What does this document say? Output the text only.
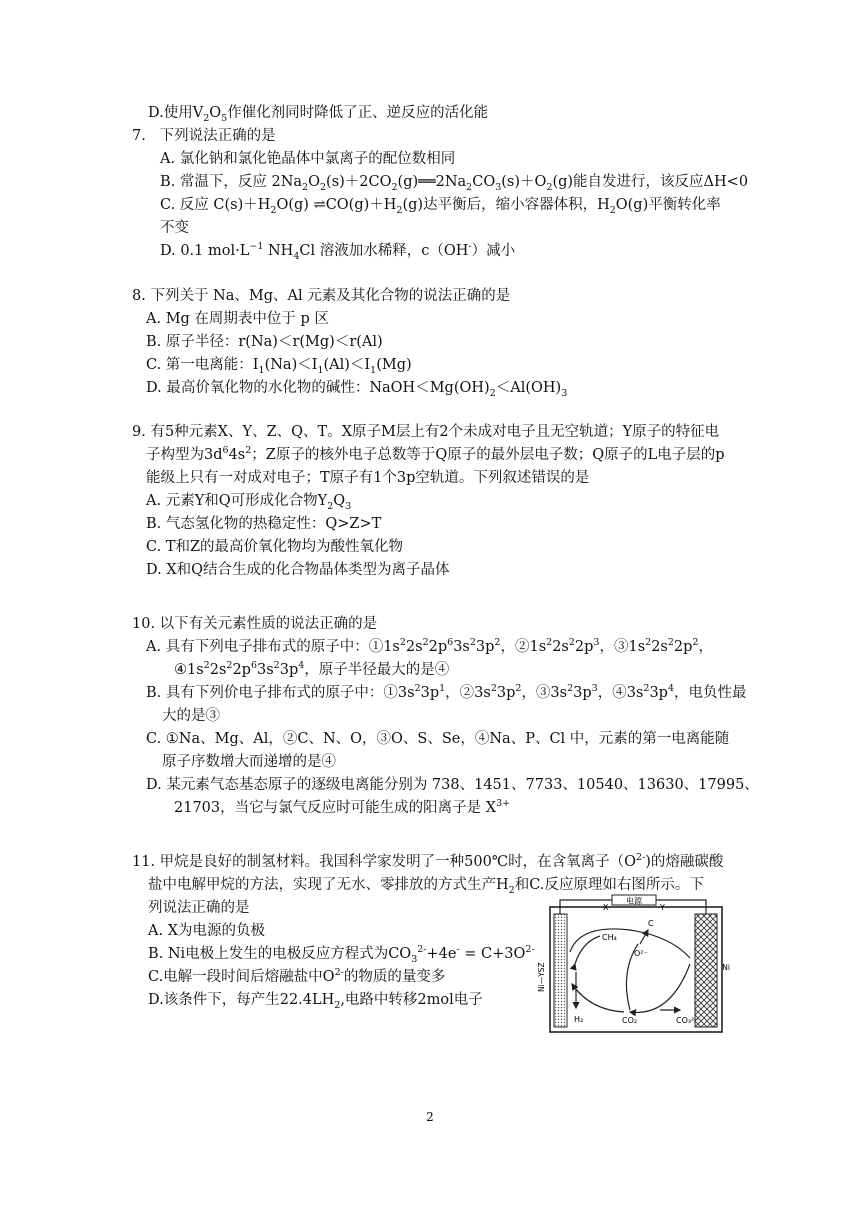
D.使用$V_2O_5$作催化剂同时降低了正、逆反应的活化能
7. 下列说法正确的是
A. 氯化钠和氯化铯晶体中氯离子的配位数相同
B. 常温下，反应 $2Na_2O_2(s)+2CO_2(g)══2Na_2CO_3(s)+O_2(g)$能自发进行，该反应ΔH<0
C. 反应 $C(s)+H_2O(g)$ $\rightleftharpoons CO(g)+H_2(g)$达平衡后，缩小容器体积，$H_2O(g)$平衡转化率
不变
D. 0.1 $mol\cdot L^{-1}$ $NH_4Cl$ 溶液加水稀释，c（OH-）减小
8. 下列关于 Na、Mg、Al 元素及其化合物的说法正确的是
A. Mg 在周期表中位于 p 区
B. 原子半径：r(Na)＜r(Mg)＜r(Al)
C. 第一电离能：$I_1(Na)<I_1(Al)<I_1(Mg)$
D. 最高价氧化物的水化物的碱性：$NaOH<Mg(OH)_2<Al(OH)_3$
9. 有5种元素X、Y、Z、Q、T。X原子M层上有2个未成对电子且无空轨道；Y原子的特征电
子构型为$3d^64s^2$；Z原子的核外电子总数等于Q原子的最外层电子数；Q原子的L电子层的p
能级上只有一对成对电子；T原子有1个3p空轨道。下列叙述错误的是
A. 元素Y和Q可形成化合物$Y_2Q_3$
B. 气态氢化物的热稳定性：Q>Z>T
C. T和Z的最高价氧化物均为酸性氧化物
D. X和Q结合生成的化合物晶体类型为离子晶体
10. 以下有关元素性质的说法正确的是
A. 具有下列电子排布式的原子中：$①1s^22s^22p^63s^23p^2$，$②1s^22s^22p^3$，$③1s^22s^22p^2$，
$④1s^22s^22p^63s^23p^4$，原子半径最大的是④
B. 具有下列价电子排布式的原子中：$①3s^23p^1$，$②3s^23p^2$，$③3s^23p^3$，$④3s^23p^4$，电负性最
大的是③
C. ①Na、Mg、Al，②C、N、O，③O、S、Se，④Na、P、Cl 中，元素的第一电离能随
原子序数增大而递增的是④
D. 某元素气态基态原子的逐级电离能分别为 738、1451、7733、10540、13630、17995、
21703，当它与氯气反应时可能生成的阳离子是 $X^{3+}$
11. 甲烷是良好的制氢材料。我国科学家发明了一种500℃时，在含氧离子$(O^{2-})$的熔融碳酸
盐中电解甲烷的方法，实现了无水、零排放的方式生产$H_2$和C.反应原理如右图所示。下
列说法正确的是
A. X为电源的负极
B. Ni电极上发生的电极反应方程式为$CO_3^{2-}+4e^- = C+3O^{2-}$
C.电解一段时间后熔融盐中$O^{2-}$的物质的量变多
D.该条件下，每产生$22.4LH_2$,电路中转移2mol电子
电源
X	Y
CH₄
C
O²⁻
H₂	CO₂	CO₃²⁻
Ni
Ni—YSZ
2
